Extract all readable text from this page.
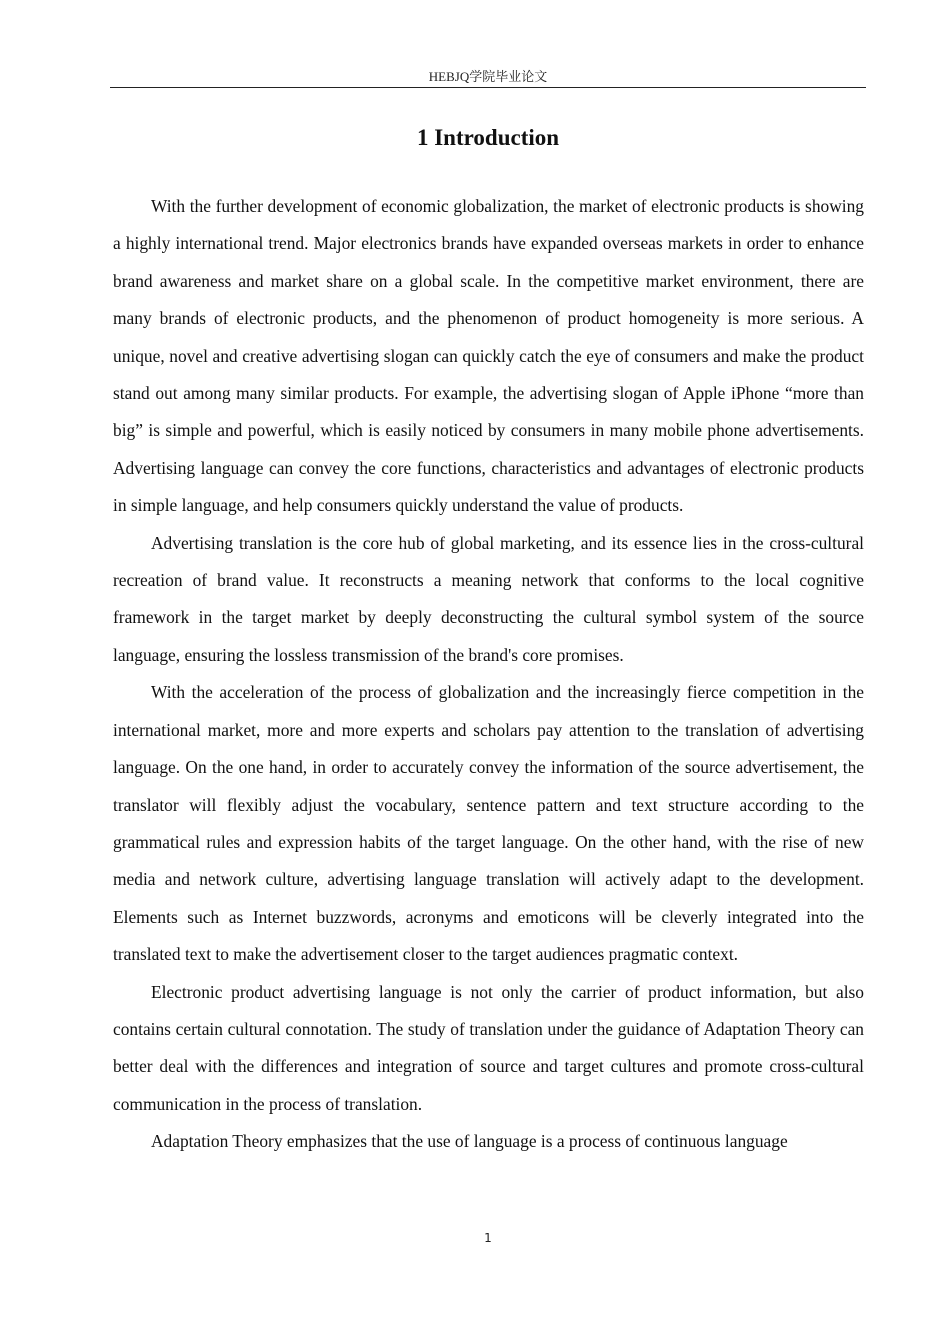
HEBJQ学院毕业论文
1 Introduction

With the further development of economic globalization, the market of electronic products is showing a highly international trend. Major electronics brands have expanded overseas markets in order to enhance brand awareness and market share on a global scale. In the competitive market environment, there are many brands of electronic products, and the phenomenon of product homogeneity is more serious. A unique, novel and creative advertising slogan can quickly catch the eye of consumers and make the product stand out among many similar products. For example, the advertising slogan of Apple iPhone “more than big” is simple and powerful, which is easily noticed by consumers in many mobile phone advertisements. Advertising language can convey the core functions, characteristics and advantages of electronic products in simple language, and help consumers quickly understand the value of products.

Advertising translation is the core hub of global marketing, and its essence lies in the cross-cultural recreation of brand value. It reconstructs a meaning network that conforms to the local cognitive framework in the target market by deeply deconstructing the cultural symbol system of the source language, ensuring the lossless transmission of the brand's core promises.

With the acceleration of the process of globalization and the increasingly fierce competition in the international market, more and more experts and scholars pay attention to the translation of advertising language. On the one hand, in order to accurately convey the information of the source advertisement, the translator will flexibly adjust the vocabulary, sentence pattern and text structure according to the grammatical rules and expression habits of the target language. On the other hand, with the rise of new media and network culture, advertising language translation will actively adapt to the development. Elements such as Internet buzzwords, acronyms and emoticons will be cleverly integrated into the translated text to make the advertisement closer to the target audiences pragmatic context.

Electronic product advertising language is not only the carrier of product information, but also contains certain cultural connotation. The study of translation under the guidance of Adaptation Theory can better deal with the differences and integration of source and target cultures and promote cross-cultural communication in the process of translation.

Adaptation Theory emphasizes that the use of language is a process of continuous language

1
